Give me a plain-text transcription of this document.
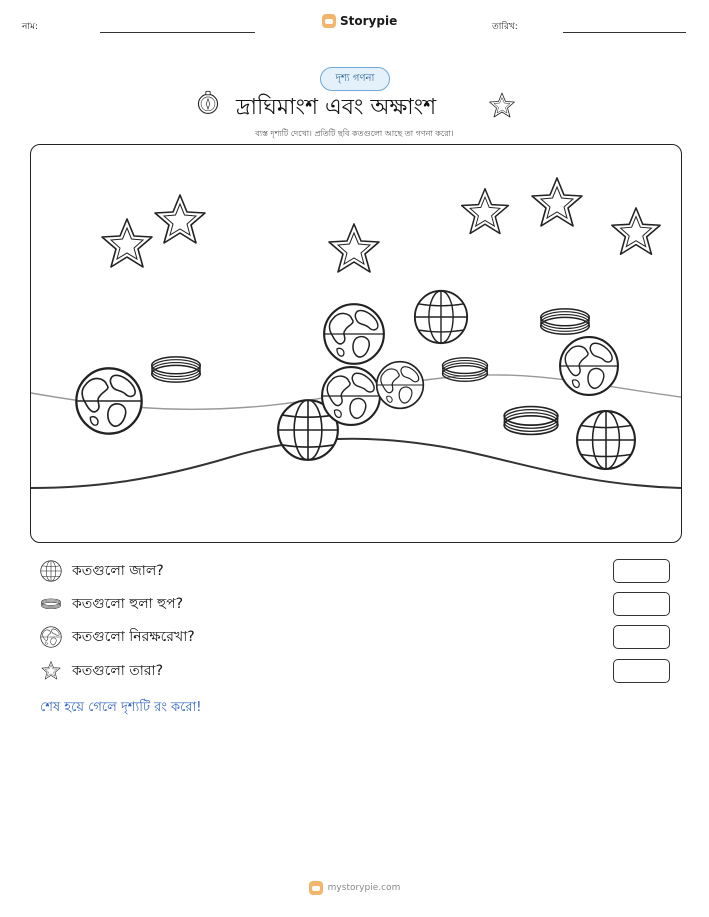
নাম:	Storypie	তারিখ:
দৃশ্য গণনা
দ্রাঘিমাংশ এবং অক্ষাংশ
ব্যস্ত দৃশ্যটি দেখো। প্রতিটি ছবি কতগুলো আছে তা গণনা করো।
কতগুলো জাল?
কতগুলো হুলা হুপ?
কতগুলো নিরক্ষরেখা?
কতগুলো তারা?
শেষ হয়ে গেলে দৃশ্যটি রং করো!
mystorypie.com
